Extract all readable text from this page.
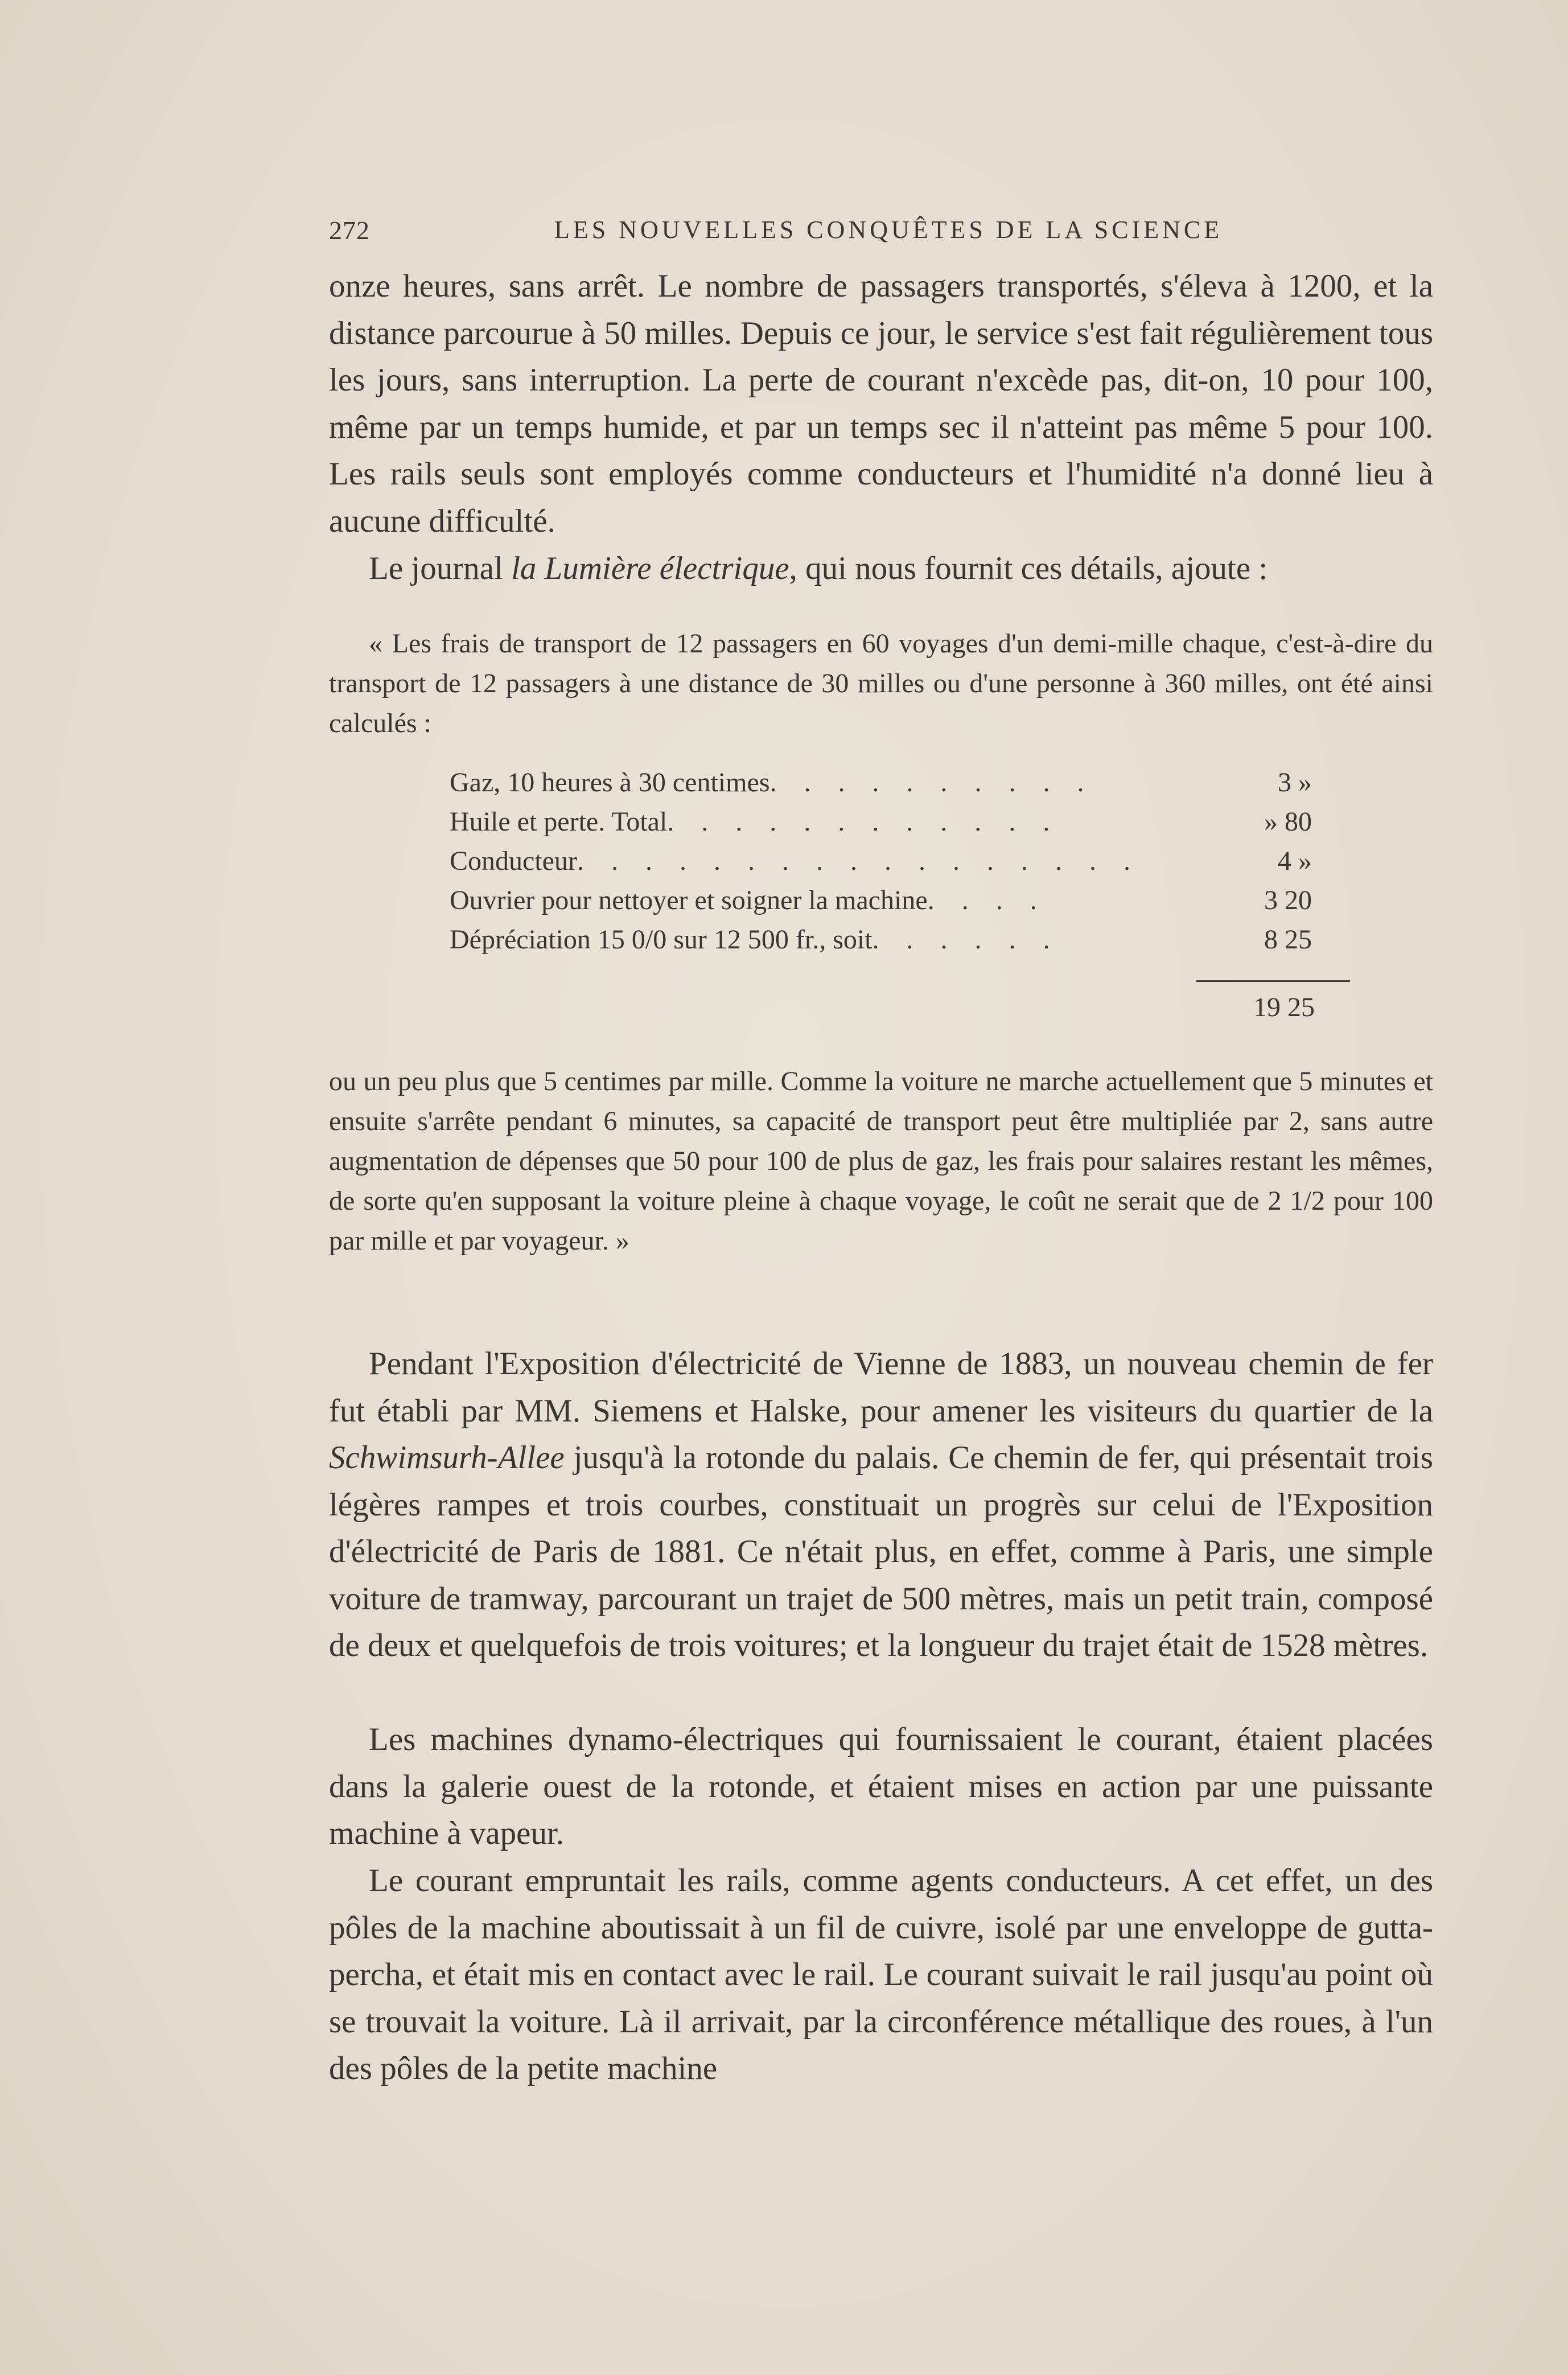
272	LES NOUVELLES CONQUÊTES DE LA SCIENCE

onze heures, sans arrêt. Le nombre de passagers transportés, s'éleva à 1200, et la distance parcourue à 50 milles. Depuis ce jour, le service s'est fait régulièrement tous les jours, sans interruption. La perte de courant n'excède pas, dit-on, 10 pour 100, même par un temps humide, et par un temps sec il n'atteint pas même 5 pour 100. Les rails seuls sont employés comme conducteurs et l'humidité n'a donné lieu à aucune difficulté.

Le journal la Lumière électrique, qui nous fournit ces détails, ajoute :

« Les frais de transport de 12 passagers en 60 voyages d'un demi-mille chaque, c'est-à-dire du transport de 12 passagers à une distance de 30 milles ou d'une personne à 360 milles, ont été ainsi calculés :

Gaz, 10 heures à 30 centimes. . . . . . . . . .	3 »
Huile et perte. Total. . . . . . . . . . . .	» 80
Conducteur. . . . . . . . . . . . . . . . .	4 »
Ouvrier pour nettoyer et soigner la machine. . . .	3 20
Dépréciation 15 0/0 sur 12 500 fr., soit. . . . . .	8 25
19 25

ou un peu plus que 5 centimes par mille. Comme la voiture ne marche actuellement que 5 minutes et ensuite s'arrête pendant 6 minutes, sa capacité de transport peut être multipliée par 2, sans autre augmentation de dépenses que 50 pour 100 de plus de gaz, les frais pour salaires restant les mêmes, de sorte qu'en supposant la voiture pleine à chaque voyage, le coût ne serait que de 2 1/2 pour 100 par mille et par voyageur. »

Pendant l'Exposition d'électricité de Vienne de 1883, un nouveau chemin de fer fut établi par MM. Siemens et Halske, pour amener les visiteurs du quartier de la Schwimsurh-Allee jusqu'à la rotonde du palais. Ce chemin de fer, qui présentait trois légères rampes et trois courbes, constituait un progrès sur celui de l'Exposition d'électricité de Paris de 1881. Ce n'était plus, en effet, comme à Paris, une simple voiture de tramway, parcourant un trajet de 500 mètres, mais un petit train, composé de deux et quelquefois de trois voitures; et la longueur du trajet était de 1528 mètres.

Les machines dynamo-électriques qui fournissaient le courant, étaient placées dans la galerie ouest de la rotonde, et étaient mises en action par une puissante machine à vapeur.

Le courant empruntait les rails, comme agents conducteurs. A cet effet, un des pôles de la machine aboutissait à un fil de cuivre, isolé par une enveloppe de gutta-percha, et était mis en contact avec le rail. Le courant suivait le rail jusqu'au point où se trouvait la voiture. Là il arrivait, par la circonférence métallique des roues, à l'un des pôles de la petite machine
